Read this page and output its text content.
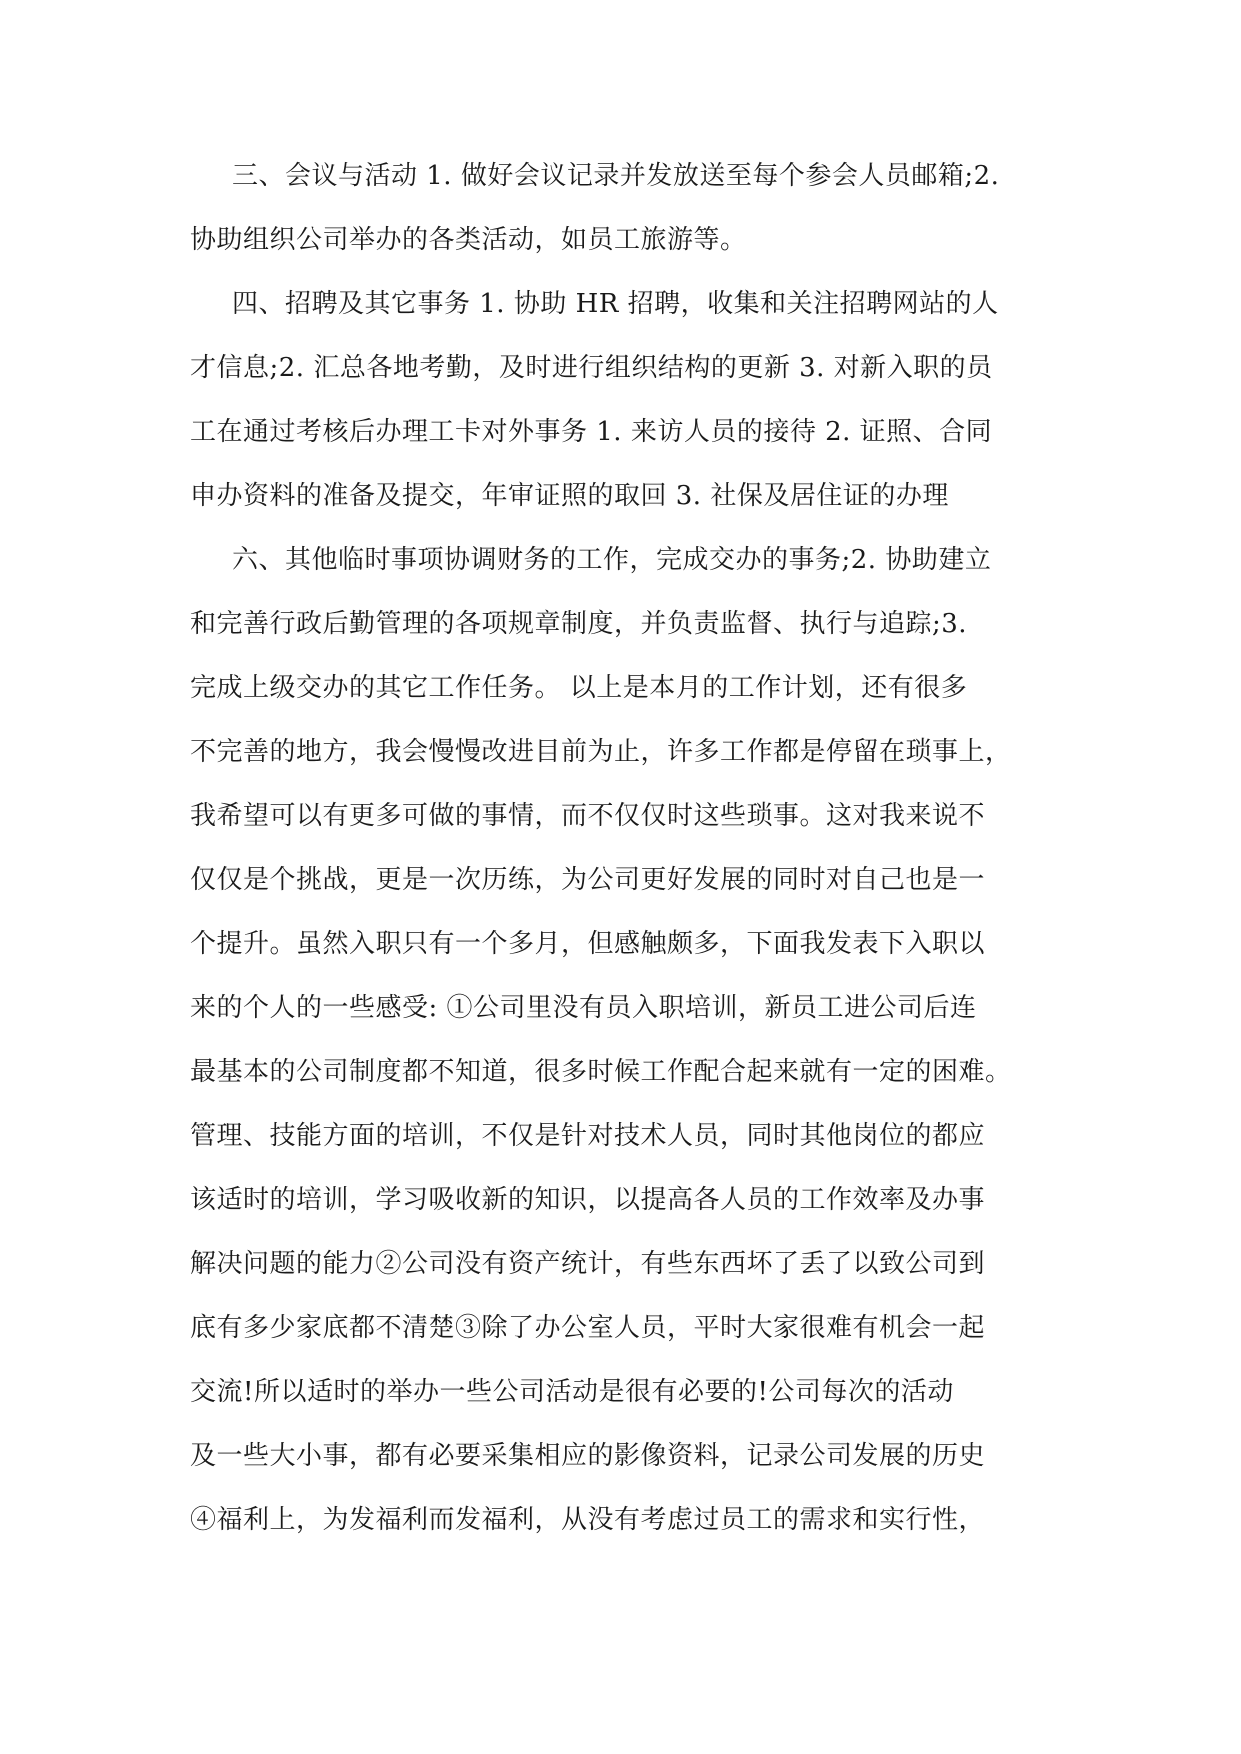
三、会议与活动 1. 做好会议记录并发放送至每个参会人员邮箱;2.
协助组织公司举办的各类活动，如员工旅游等。
四、招聘及其它事务 1. 协助 HR 招聘，收集和关注招聘网站的人
才信息;2. 汇总各地考勤，及时进行组织结构的更新 3. 对新入职的员
工在通过考核后办理工卡对外事务 1. 来访人员的接待 2. 证照、合同
申办资料的准备及提交，年审证照的取回 3. 社保及居住证的办理
六、其他临时事项协调财务的工作，完成交办的事务;2. 协助建立
和完善行政后勤管理的各项规章制度，并负责监督、执行与追踪;3.
完成上级交办的其它工作任务。 以上是本月的工作计划，还有很多
不完善的地方，我会慢慢改进目前为止，许多工作都是停留在琐事上，
我希望可以有更多可做的事情，而不仅仅时这些琐事。这对我来说不
仅仅是个挑战，更是一次历练，为公司更好发展的同时对自己也是一
个提升。虽然入职只有一个多月，但感触颇多，下面我发表下入职以
来的个人的一些感受: ①公司里没有员入职培训，新员工进公司后连
最基本的公司制度都不知道，很多时候工作配合起来就有一定的困难。
管理、技能方面的培训，不仅是针对技术人员，同时其他岗位的都应
该适时的培训，学习吸收新的知识，以提高各人员的工作效率及办事
解决问题的能力②公司没有资产统计，有些东西坏了丢了以致公司到
底有多少家底都不清楚③除了办公室人员，平时大家很难有机会一起
交流!所以适时的举办一些公司活动是很有必要的!公司每次的活动
及一些大小事，都有必要采集相应的影像资料，记录公司发展的历史
④福利上，为发福利而发福利，从没有考虑过员工的需求和实行性，
